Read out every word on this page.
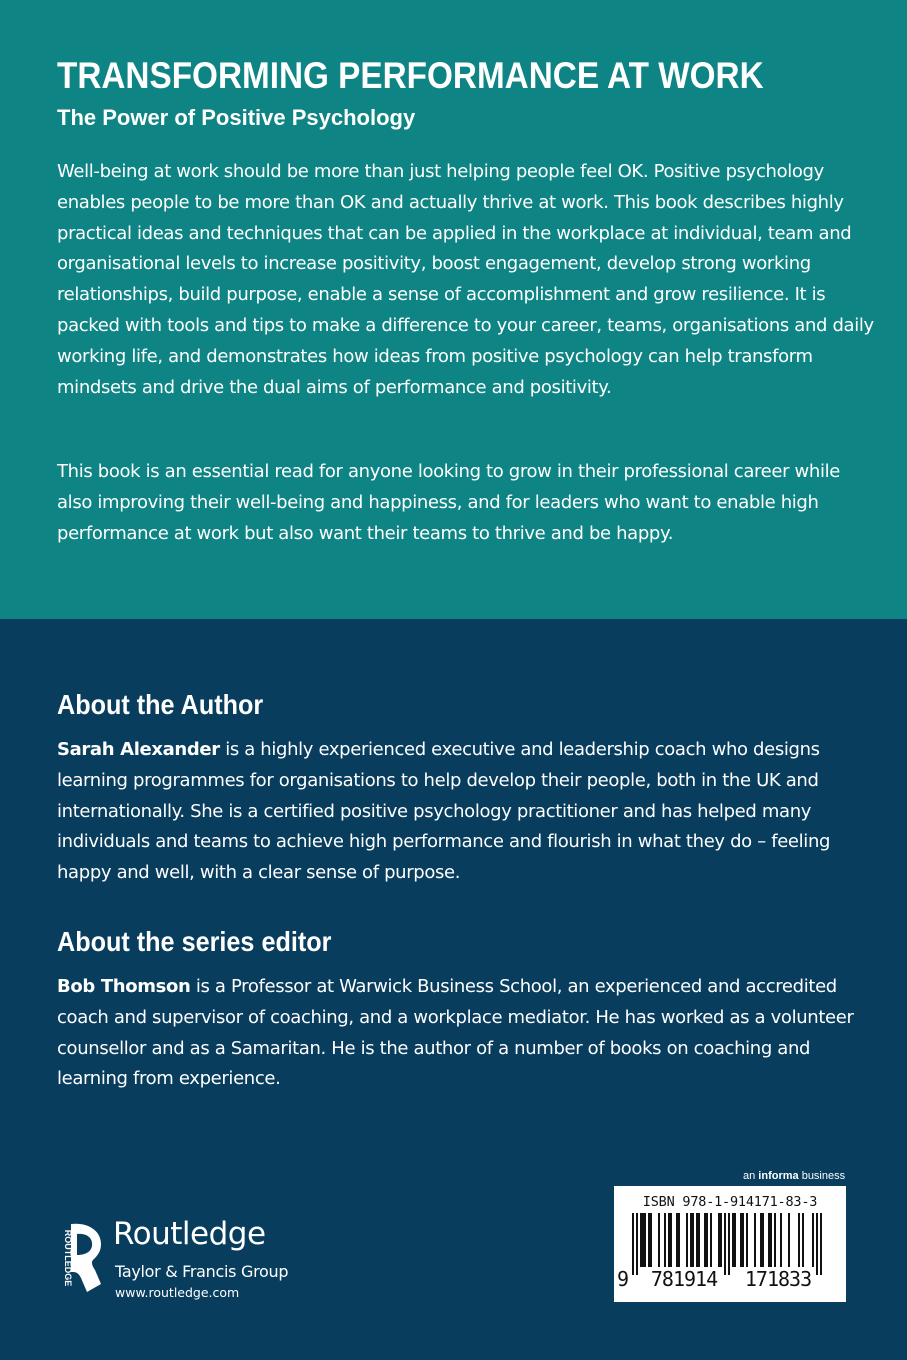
TRANSFORMING PERFORMANCE AT WORK
The Power of Positive Psychology

Well-being at work should be more than just helping people feel OK. Positive psychology enables people to be more than OK and actually thrive at work. This book describes highly practical ideas and techniques that can be applied in the workplace at individual, team and organisational levels to increase positivity, boost engagement, develop strong working relationships, build purpose, enable a sense of accomplishment and grow resilience. It is packed with tools and tips to make a difference to your career, teams, organisations and daily working life, and demonstrates how ideas from positive psychology can help transform mindsets and drive the dual aims of performance and positivity.

This book is an essential read for anyone looking to grow in their professional career while also improving their well-being and happiness, and for leaders who want to enable high performance at work but also want their teams to thrive and be happy.

About the Author

Sarah Alexander is a highly experienced executive and leadership coach who designs learning programmes for organisations to help develop their people, both in the UK and internationally. She is a certified positive psychology practitioner and has helped many individuals and teams to achieve high performance and flourish in what they do – feeling happy and well, with a clear sense of purpose.

About the series editor

Bob Thomson is a Professor at Warwick Business School, an experienced and accredited coach and supervisor of coaching, and a workplace mediator. He has worked as a volunteer counsellor and as a Samaritan. He is the author of a number of books on coaching and learning from experience.

ROUTLEDGE Routledge
Taylor & Francis Group
www.routledge.com
an informa business
ISBN 978-1-914171-83-3
9	781914	171833
